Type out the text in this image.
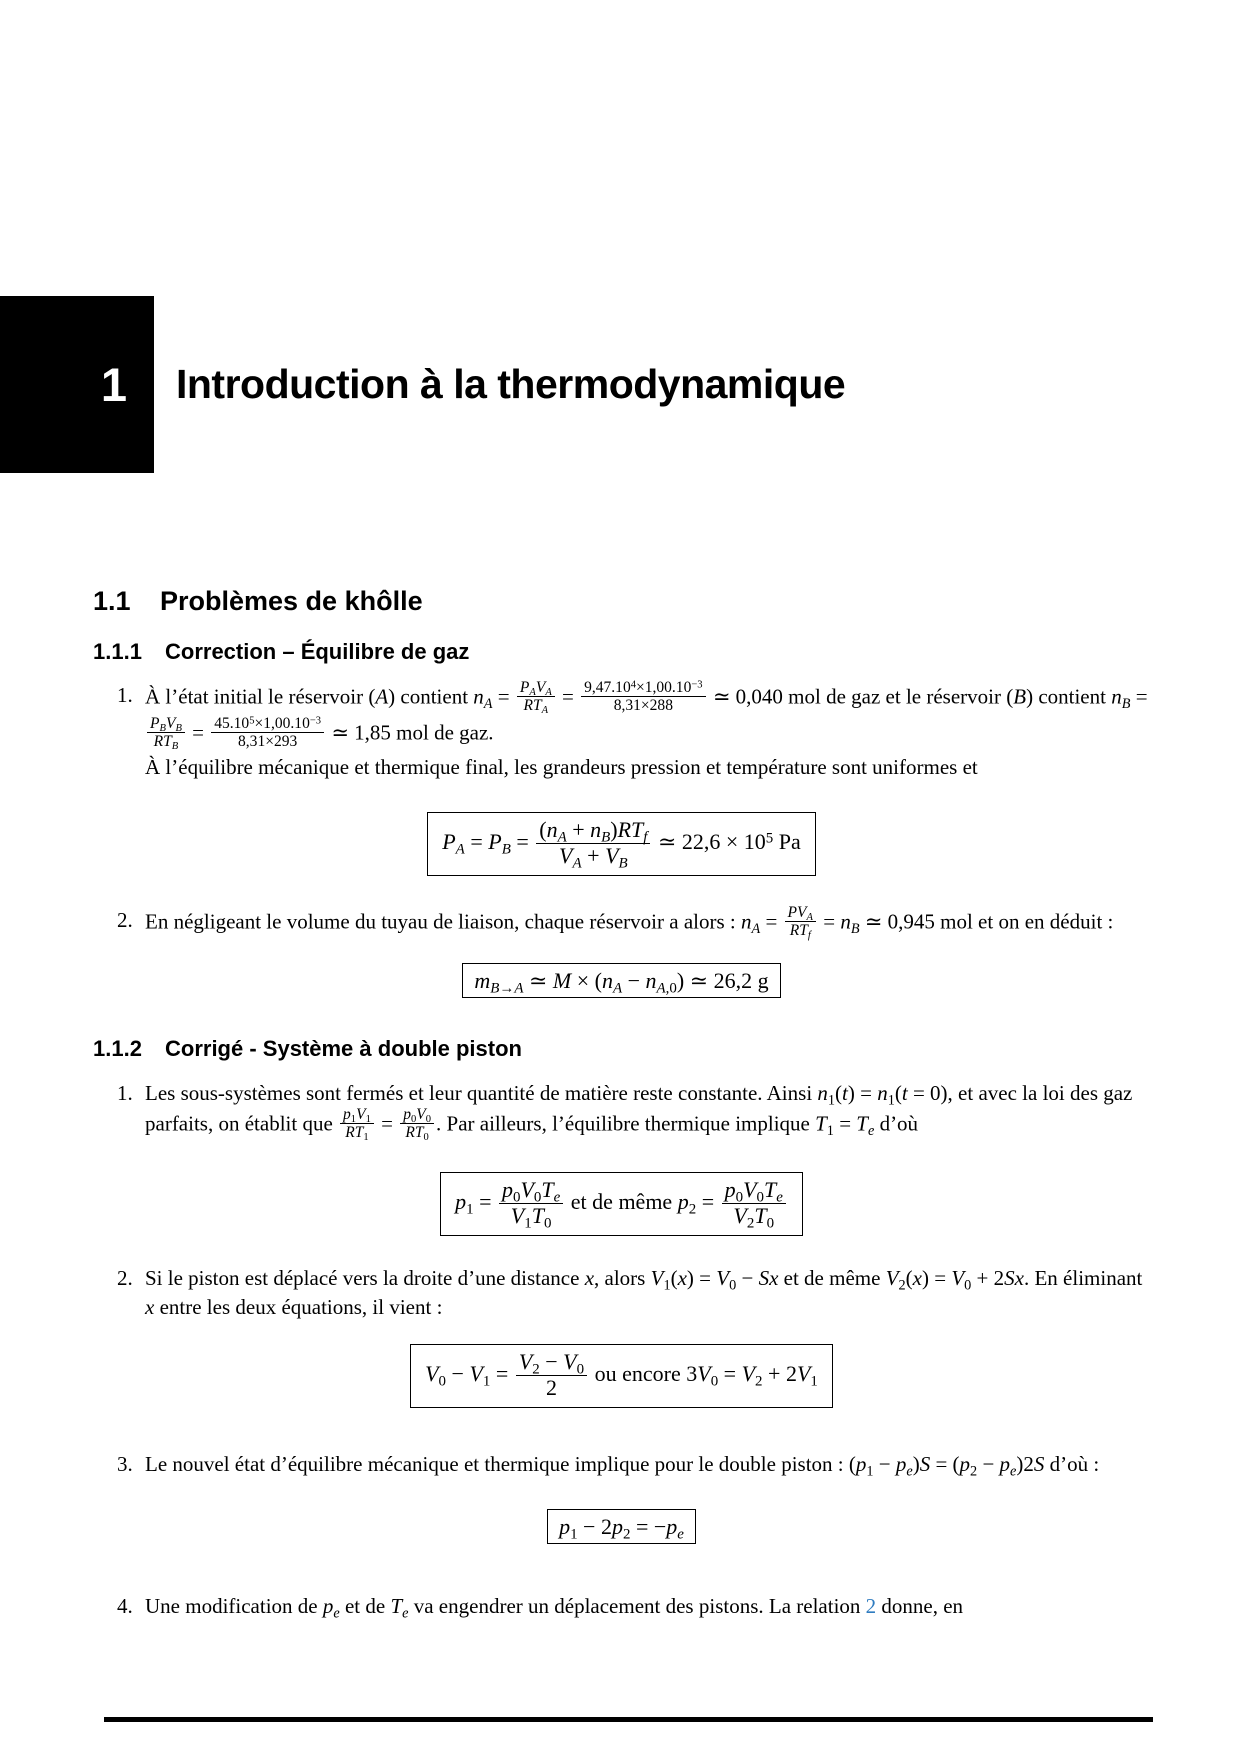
1 Introduction à la thermodynamique
1.1 Problèmes de khôlle
1.1.1 Correction – Équilibre de gaz
1. À l’état initial le réservoir (A) contient $n_A = \frac{P_AV_A}{RT_A} = \frac{9,47.10^4\times 1,00.10^{-3}}{8,31\times 288}$ ≃ 0,040 mol de gaz et le réservoir (B) contient $n_B$ =
$\frac{P_BV_B}{RT_B} = \frac{45.10^5\times 1,00.10^{-3}}{8,31\times 293}$ ≃ 1,85 mol de gaz.
À l’équilibre mécanique et thermique final, les grandeurs pression et température sont uniformes et
$P_A = P_B = \frac{(n_A + n_B)RT_f}{V_A + V_B}$ ≃ $22,6 \times 10^5$ Pa
2. En négligeant le volume du tuyau de liaison, chaque réservoir a alors : $n_A = \frac{PV_A}{RT_f} = n_B$ ≃ 0,945 mol et on en déduit :
$m_{B\to A}$ ≃ $M \times (n_A - n_{A,0})$ ≃ 26,2 g
1.1.2 Corrigé - Système à double piston
1. Les sous-systèmes sont fermés et leur quantité de matière reste constante. Ainsi $n_1(t) = n_1(t = 0)$, et avec la loi des gaz parfaits, on établit que $\frac{p_1V_1}{RT_1} = \frac{p_0V_0}{RT_0}$ . Par ailleurs, l’équilibre thermique implique $T_1 = T_e$ d’où
$p_1 = \frac{p_0V_0T_e}{V_1T_0}$ et de même $p_2 = \frac{p_0V_0T_e}{V_2T_0}$
2. Si le piston est déplacé vers la droite d’une distance x, alors $V_1(x) = V_0 - Sx$ et de même $V_2(x) = V_0 + 2Sx$. En éliminant x entre les deux équations, il vient :
$V_0 - V_1 = \frac{V_2 - V_0}{2}$ ou encore $3V_0 = V_2 + 2V_1$
3. Le nouvel état d’équilibre mécanique et thermique implique pour le double piston : $(p_1 - p_e)S = (p_2 - p_e)2S$ d’où :
$p_1 - 2p_2 = -p_e$
4. Une modification de $p_e$ et de $T_e$ va engendrer un déplacement des pistons. La relation 2 donne, en
